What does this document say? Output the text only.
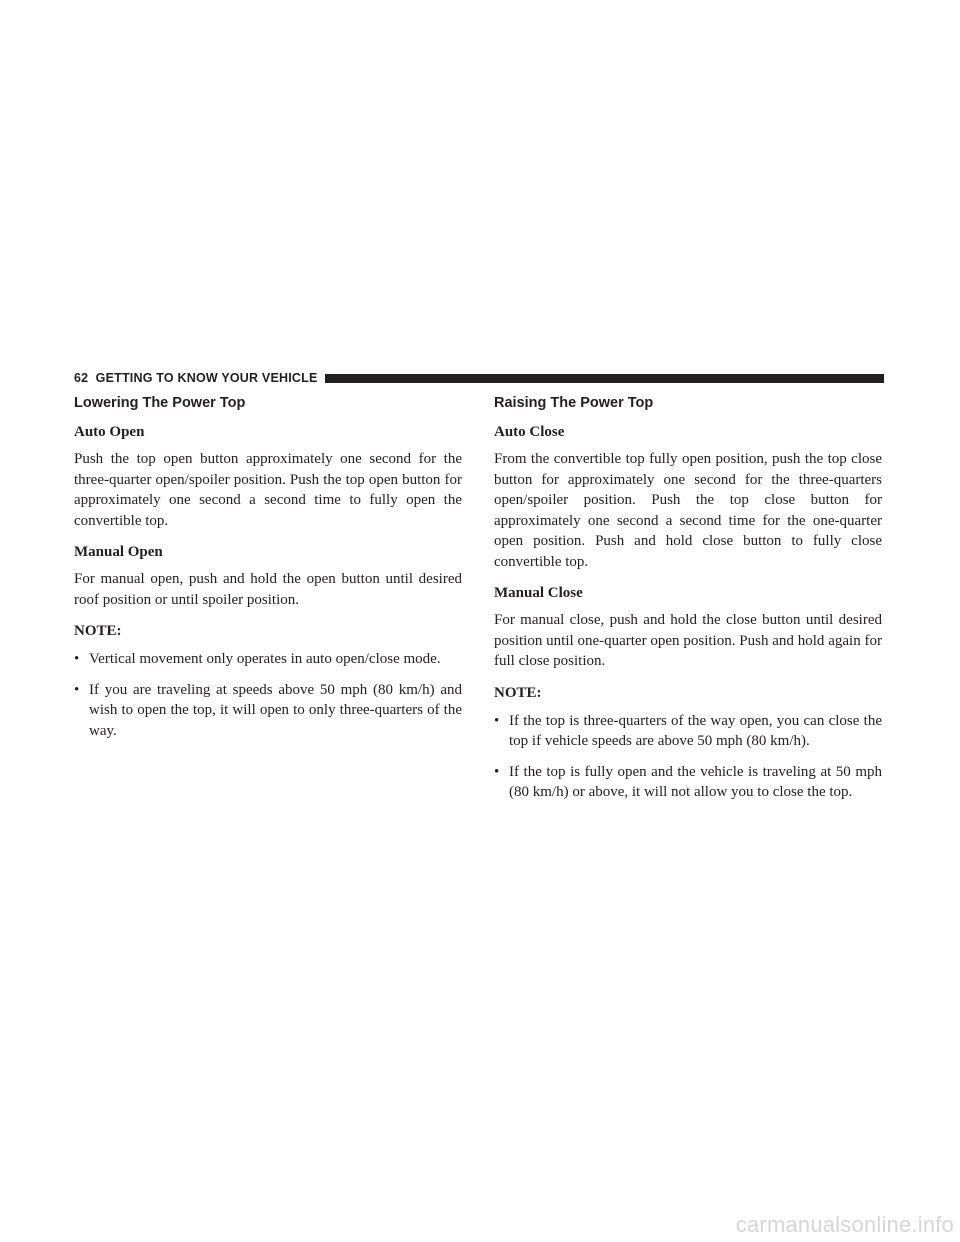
62 GETTING TO KNOW YOUR VEHICLE
Lowering The Power Top
Auto Open

Push the top open button approximately one second for the three-quarter open/spoiler position. Push the top open button for approximately one second a second time to fully open the convertible top.

Manual Open

For manual open, push and hold the open button until desired roof position or until spoiler position.

NOTE:
• Vertical movement only operates in auto open/close mode.
• If you are traveling at speeds above 50 mph (80 km/h) and wish to open the top, it will open to only three-quarters of the way.
Raising The Power Top
Auto Close

From the convertible top fully open position, push the top close button for approximately one second for the three-quarters open/spoiler position. Push the top close button for approximately one second a second time for the one-quarter open position. Push and hold close button to fully close convertible top.

Manual Close

For manual close, push and hold the close button until desired position until one-quarter open position. Push and hold again for full close position.

NOTE:
• If the top is three-quarters of the way open, you can close the top if vehicle speeds are above 50 mph (80 km/h).
• If the top is fully open and the vehicle is traveling at 50 mph (80 km/h) or above, it will not allow you to close the top.
carmanualsonline.info
